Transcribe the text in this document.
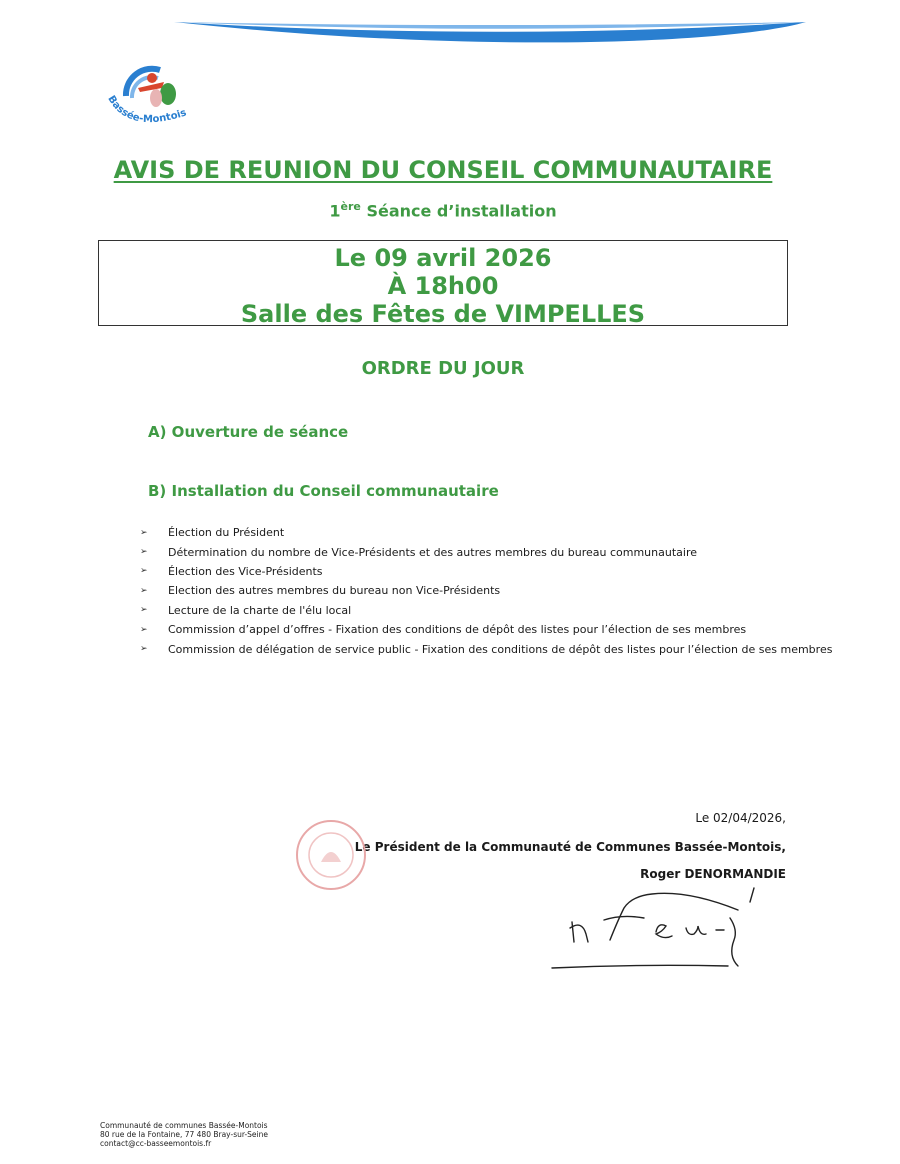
Bassée-Montois
AVIS DE REUNION DU CONSEIL COMMUNAUTAIRE
1ère Séance d’installation
Le 09 avril 2026
À 18h00
Salle des Fêtes de VIMPELLES
ORDRE DU JOUR
A) Ouverture de séance
B) Installation du Conseil communautaire
➢	Élection du Président
➢	Détermination du nombre de Vice-Présidents et des autres membres du bureau communautaire
➢	Élection des Vice-Présidents
➢	Election des autres membres du bureau non Vice-Présidents
➢	Lecture de la charte de l'élu local
➢	Commission d’appel d’offres - Fixation des conditions de dépôt des listes pour l’élection de ses membres
➢	Commission de délégation de service public - Fixation des conditions de dépôt des listes pour l’élection de ses membres
Le 02/04/2026,
Le Président de la Communauté de Communes Bassée-Montois,
Roger DENORMANDIE
Communauté de communes Bassée-Montois
80 rue de la Fontaine, 77 480 Bray-sur-Seine
contact@cc-basseemontois.fr
